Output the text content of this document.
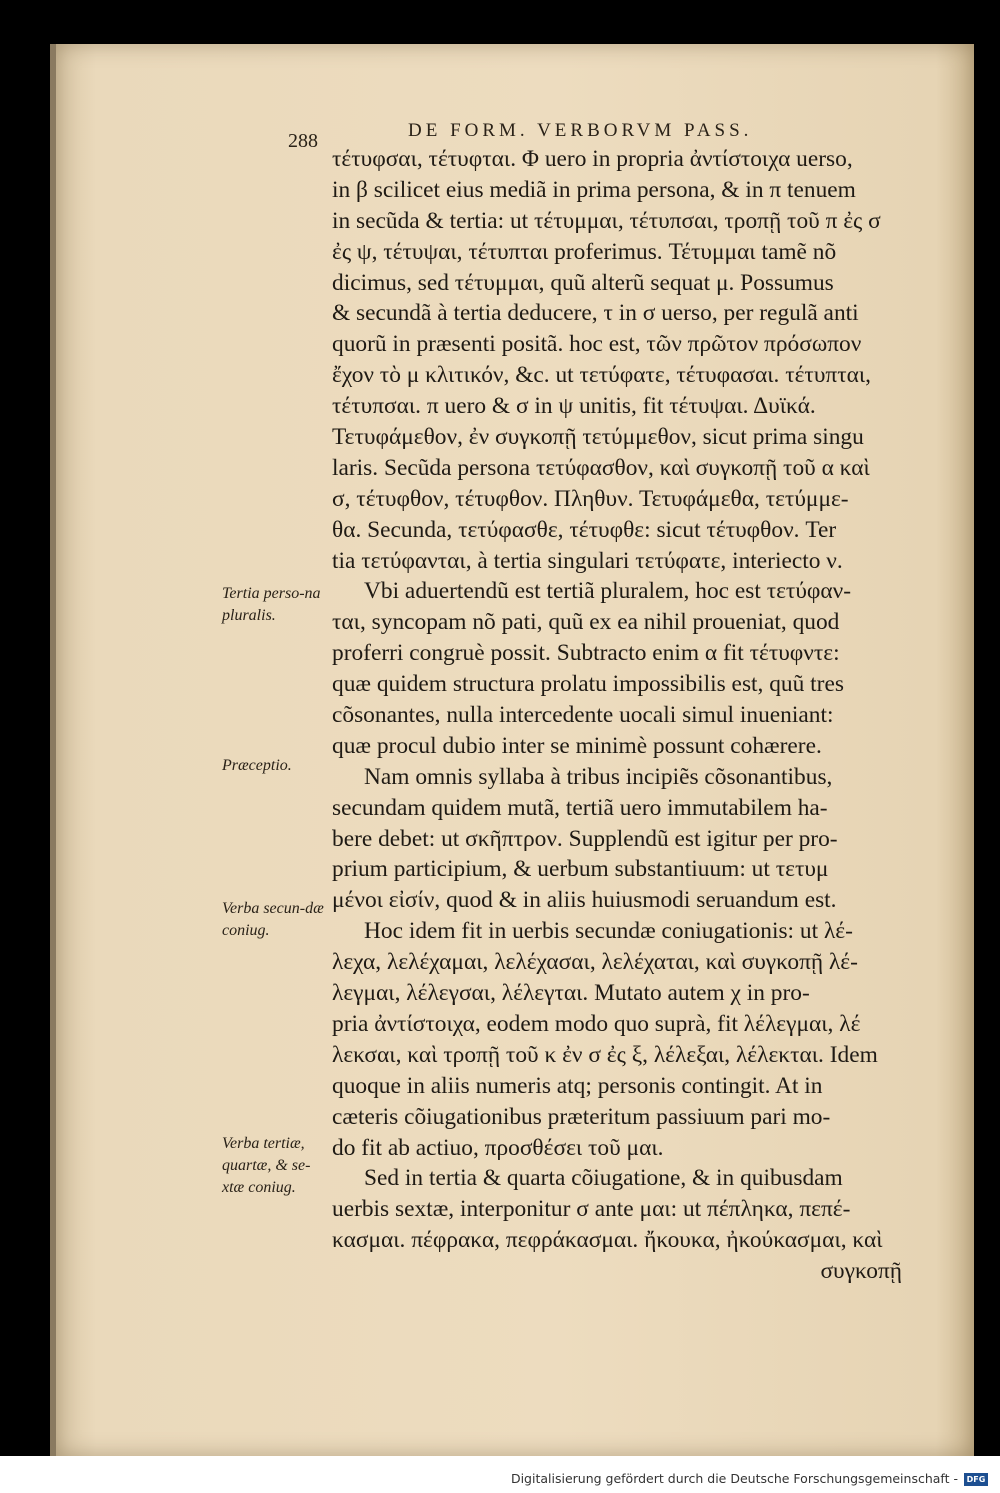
288	DE FORM. VERBORVM PASS.
Tertia perso-na pluralis.
Præceptio.
Verba secun-dæ coniug.
Verba tertiæ, quartæ, & se-xtæ coniug.
τέτυφσαι, τέτυφται. Φ uero in propria ἀντίστοιχα uerso,
in β scilicet eius mediã in prima persona, & in π tenuem
in secũda & tertia: ut τέτυμμαι, τέτυπσαι, τροπῇ τοῦ π ἐς σ
ἐς ψ, τέτυψαι, τέτυπται proferimus. Τέτυμμαι tamẽ nõ
dicimus, sed τέτυμμαι, quũ alterũ sequat μ. Possumus
& secundã à tertia deducere, τ in σ uerso, per regulã anti
quorũ in præsenti positã. hoc est, τῶν πρῶτον πρόσωπον
ἔχον τὸ μ κλιτικόν, &c. ut τετύφατε, τέτυφασαι. τέτυπται,
τέτυπσαι. π uero & σ in ψ unitis, fit τέτυψαι. Δυϊκά.
Τετυφάμεθον, ἐν συγκοπῇ τετύμμεθον, sicut prima singu
laris. Secũda persona τετύφασθον, καὶ συγκοπῇ τοῦ α καὶ
σ, τέτυφθον, τέτυφθον. Πληθυν. Τετυφάμεθα, τετύμμε-
θα. Secunda, τετύφασθε, τέτυφθε: sicut τέτυφθον. Ter
tia τετύφανται, à tertia singulari τετύφατε, interiecto ν.
Vbi aduertendũ est tertiã pluralem, hoc est τετύφαν-
ται, syncopam nõ pati, quũ ex ea nihil proueniat, quod
proferri congruè possit. Subtracto enim α fit τέτυφντε:
quæ quidem structura prolatu impossibilis est, quũ tres
cõsonantes, nulla intercedente uocali simul inueniant:
quæ procul dubio inter se minimè possunt cohærere.
Nam omnis syllaba à tribus incipiẽs cõsonantibus,
secundam quidem mutã, tertiã uero immutabilem ha-
bere debet: ut σκῆπτρον. Supplendũ est igitur per pro-
prium participium, & uerbum substantiuum: ut τετυμ
μένοι εἰσίν, quod & in aliis huiusmodi seruandum est.
Hoc idem fit in uerbis secundæ coniugationis: ut λέ-
λεχα, λελέχαμαι, λελέχασαι, λελέχαται, καὶ συγκοπῇ λέ-
λεγμαι, λέλεγσαι, λέλεγται. Mutato autem χ in pro-
pria ἀντίστοιχα, eodem modo quo suprà, fit λέλεγμαι, λέ
λεκσαι, καὶ τροπῇ τοῦ κ ἐν σ ἐς ξ, λέλεξαι, λέλεκται. Idem
quoque in aliis numeris atq; personis contingit. At in
cæteris cõiugationibus præteritum passiuum pari mo-
do fit ab actiuo, προσθέσει τοῦ μαι.
Sed in tertia & quarta cõiugatione, & in quibusdam
uerbis sextæ, interponitur σ ante μαι: ut πέπληκα, πεπέ-
κασμαι. πέφρακα, πεφράκασμαι. ἤκουκα, ἠκούκασμαι, καὶ
συγκοπῇ
Digitalisierung gefördert durch die Deutsche Forschungsgemeinschaft -	DFG
